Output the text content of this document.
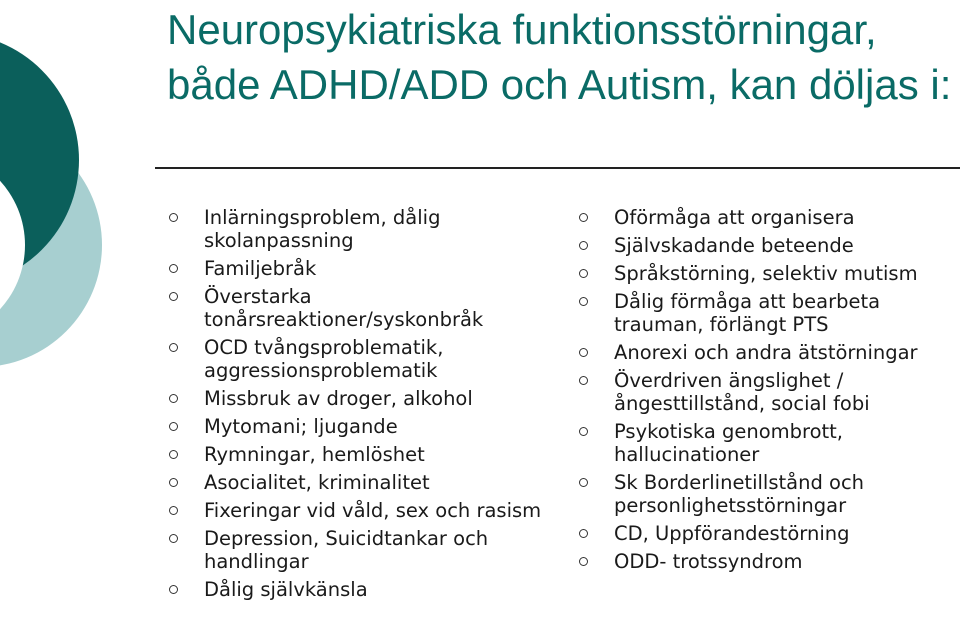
Neuropsykiatriska funktionsstörningar, både ADHD/ADD och Autism, kan döljas i:
Inlärningsproblem, dålig skolanpassning
Familjebråk
Överstarka tonårsreaktioner/syskonbråk
OCD tvångsproblematik, aggressionsproblematik
Missbruk av droger, alkohol
Mytomani; ljugande
Rymningar, hemlöshet
Asocialitet, kriminalitet
Fixeringar vid våld, sex och rasism
Depression, Suicidtankar och handlingar
Dålig självkänsla
Oförmåga att organisera
Självskadande beteende
Språkstörning, selektiv mutism
Dålig förmåga att bearbeta trauman, förlängt PTS
Anorexi och andra ätstörningar
Överdriven ängslighet /ångesttillstånd, social fobi
Psykotiska genombrott, hallucinationer
Sk Borderlinetillstånd och personlighetsstörningar
CD, Uppförandestörning
ODD- trotssyndrom
